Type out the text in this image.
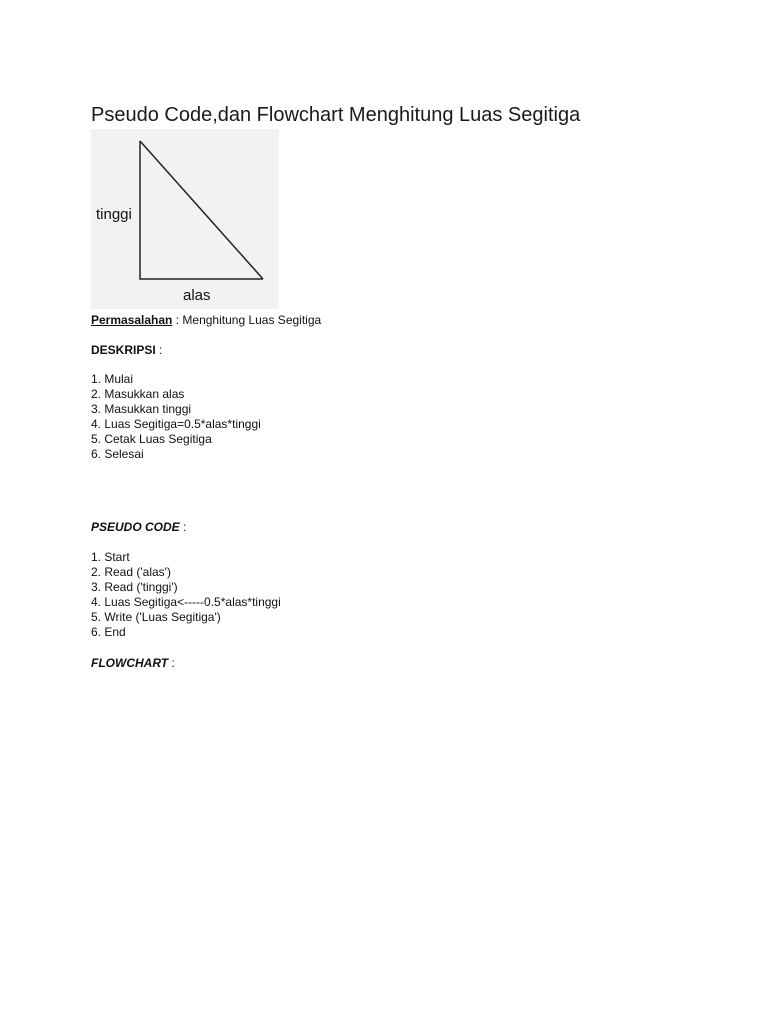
Pseudo Code,dan Flowchart Menghitung Luas Segitiga
tinggi
alas

Permasalahan : Menghitung Luas Segitiga

DESKRIPSI :

1. Mulai
2. Masukkan alas
3. Masukkan tinggi
4. Luas Segitiga=0.5*alas*tinggi
5. Cetak Luas Segitiga
6. Selesai

PSEUDO CODE :

1. Start
2. Read ('alas')
3. Read ('tinggi')
4. Luas Segitiga<-----0.5*alas*tinggi
5. Write ('Luas Segitiga')
6. End

FLOWCHART :
